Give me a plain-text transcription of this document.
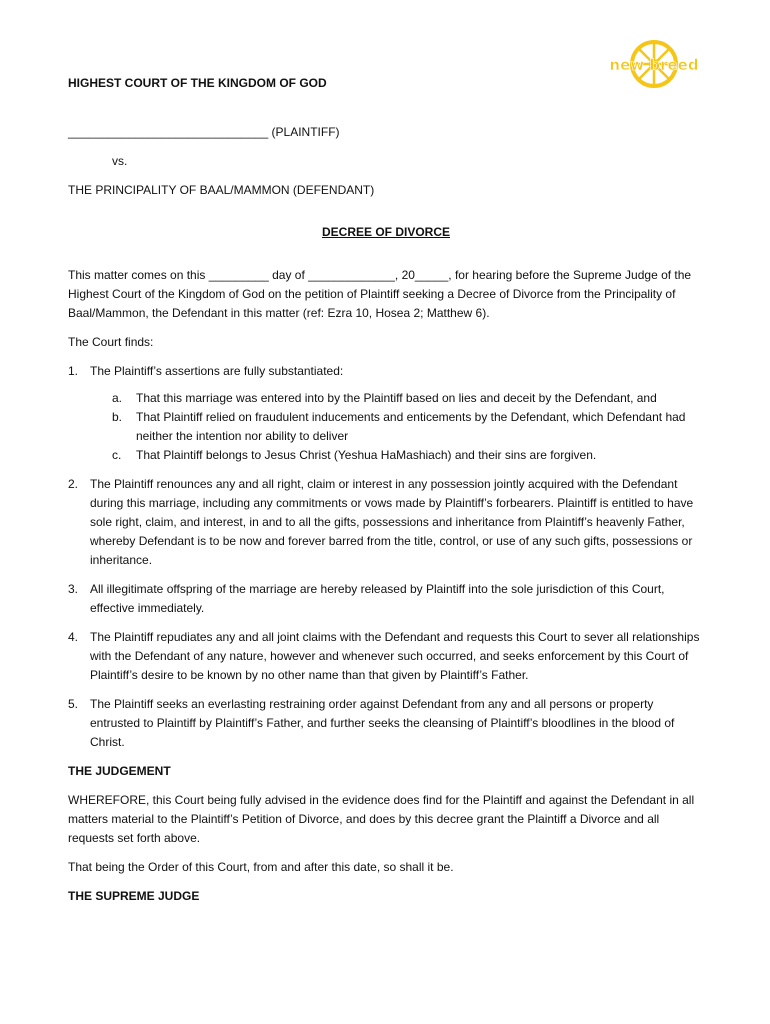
new breed
HIGHEST COURT OF THE KINGDOM OF GOD
______________________________ (PLAINTIFF)
vs.
THE PRINCIPALITY OF BAAL/MAMMON (DEFENDANT)
DECREE OF DIVORCE

This matter comes on this _________ day of _____________, 20_____, for hearing before the Supreme Judge of the Highest Court of the Kingdom of God on the petition of Plaintiff seeking a Decree of Divorce from the Principality of Baal/Mammon, the Defendant in this matter (ref: Ezra 10, Hosea 2; Matthew 6).

The Court finds:

1. The Plaintiff’s assertions are fully substantiated:
a. That this marriage was entered into by the Plaintiff based on lies and deceit by the Defendant, and
b. That Plaintiff relied on fraudulent inducements and enticements by the Defendant, which Defendant had neither the intention nor ability to deliver
c. That Plaintiff belongs to Jesus Christ (Yeshua HaMashiach) and their sins are forgiven.
2. The Plaintiff renounces any and all right, claim or interest in any possession jointly acquired with the Defendant during this marriage, including any commitments or vows made by Plaintiff’s forbearers. Plaintiff is entitled to have sole right, claim, and interest, in and to all the gifts, possessions and inheritance from Plaintiff’s heavenly Father, whereby Defendant is to be now and forever barred from the title, control, or use of any such gifts, possessions or inheritance.
3. All illegitimate offspring of the marriage are hereby released by Plaintiff into the sole jurisdiction of this Court, effective immediately.
4. The Plaintiff repudiates any and all joint claims with the Defendant and requests this Court to sever all relationships with the Defendant of any nature, however and whenever such occurred, and seeks enforcement by this Court of Plaintiff’s desire to be known by no other name than that given by Plaintiff’s Father.
5. The Plaintiff seeks an everlasting restraining order against Defendant from any and all persons or property entrusted to Plaintiff by Plaintiff’s Father, and further seeks the cleansing of Plaintiff’s bloodlines in the blood of Christ.
THE JUDGEMENT

WHEREFORE, this Court being fully advised in the evidence does find for the Plaintiff and against the Defendant in all matters material to the Plaintiff’s Petition of Divorce, and does by this decree grant the Plaintiff a Divorce and all requests set forth above.

That being the Order of this Court, from and after this date, so shall it be.

THE SUPREME JUDGE
